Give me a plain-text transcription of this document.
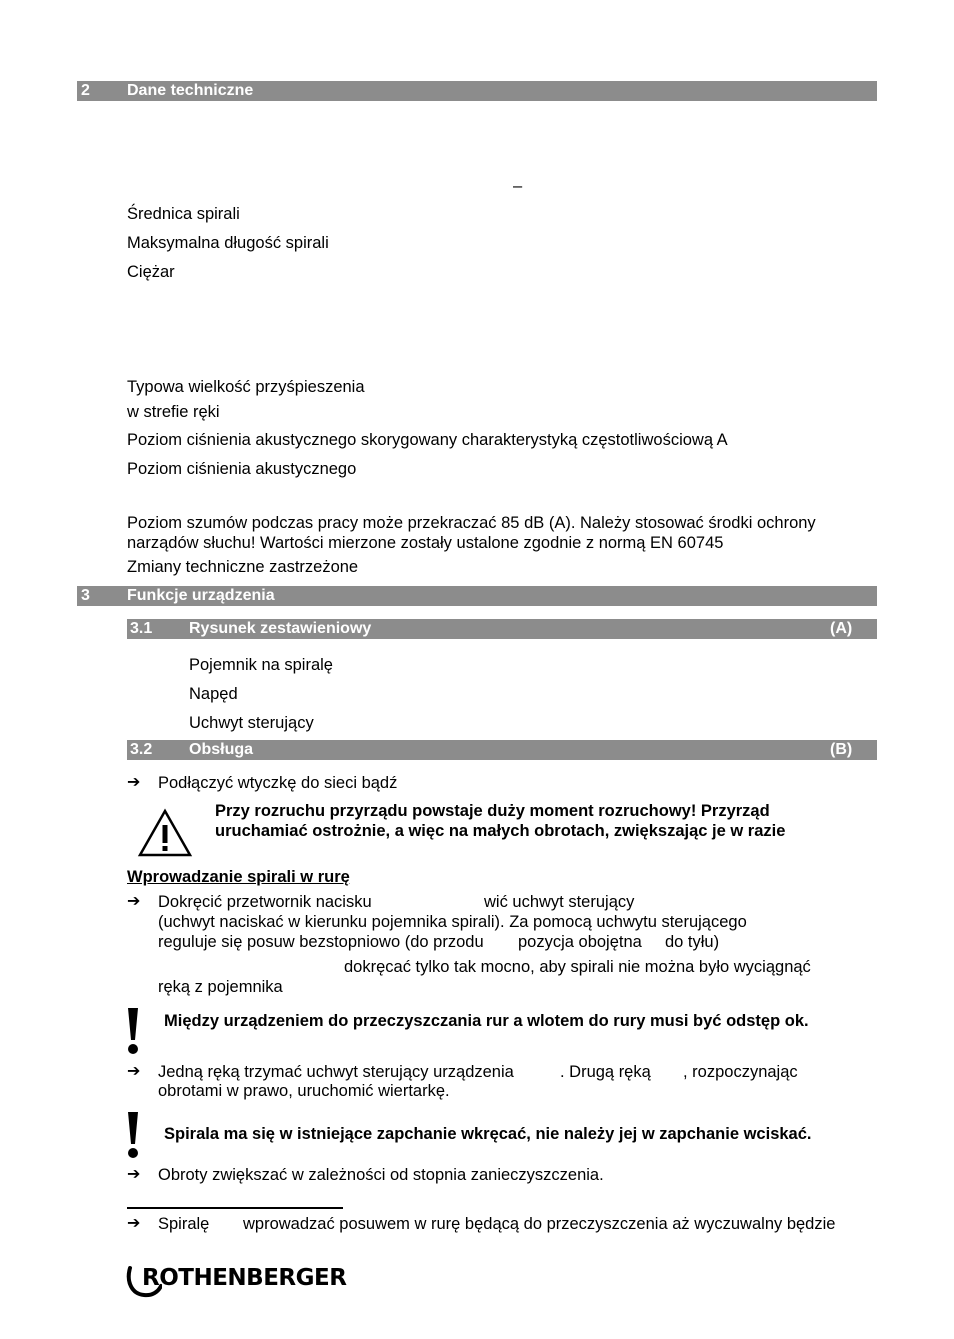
2 Dane techniczne
–
Średnica spirali
Maksymalna długość spirali
Ciężar
Typowa wielkość przyśpieszenia
w strefie ręki
Poziom ciśnienia akustycznego skorygowany charakterystyką częstotliwościową A
Poziom ciśnienia akustycznego
Poziom szumów podczas pracy może przekraczać 85 dB (A). Należy stosować środki ochrony
narządów słuchu! Wartości mierzone zostały ustalone zgodnie z normą EN 60745
Zmiany techniczne zastrzeżone
3 Funkcje urządzenia
3.1 Rysunek zestawieniowy	(A)
Pojemnik na spiralę
Napęd
Uchwyt sterujący
3.2 Obsługa	(B)
➔ Podłączyć wtyczkę do sieci bądź
Przy rozruchu przyrządu powstaje duży moment rozruchowy! Przyrząd
uruchamiać ostrożnie, a więc na małych obrotach, zwiększając je w razie
Wprowadzanie spirali w rurę
➔ Dokręcić przetwornik nacisku	wić uchwyt sterujący
(uchwyt naciskać w kierunku pojemnika spirali). Za pomocą uchwytu sterującego
reguluje się posuw bezstopniowo (do przodu pozycja obojętna do tyłu)
dokręcać tylko tak mocno, aby spirali nie można było wyciągnąć
ręką z pojemnika
Między urządzeniem do przeczyszczania rur a wlotem do rury musi być odstęp ok.
➔ Jedną ręką trzymać uchwyt sterujący urządzenia	. Drugą ręką , rozpoczynając
obrotami w prawo, uruchomić wiertarkę.
Spirala ma się w istniejące zapchanie wkręcać, nie należy jej w zapchanie wciskać.
➔ Obroty zwiększać w zależności od stopnia zanieczyszczenia.
➔ Spiralę wprowadzać posuwem w rurę będącą do przeczyszczenia aż wyczuwalny będzie
ROTHENBERGER
